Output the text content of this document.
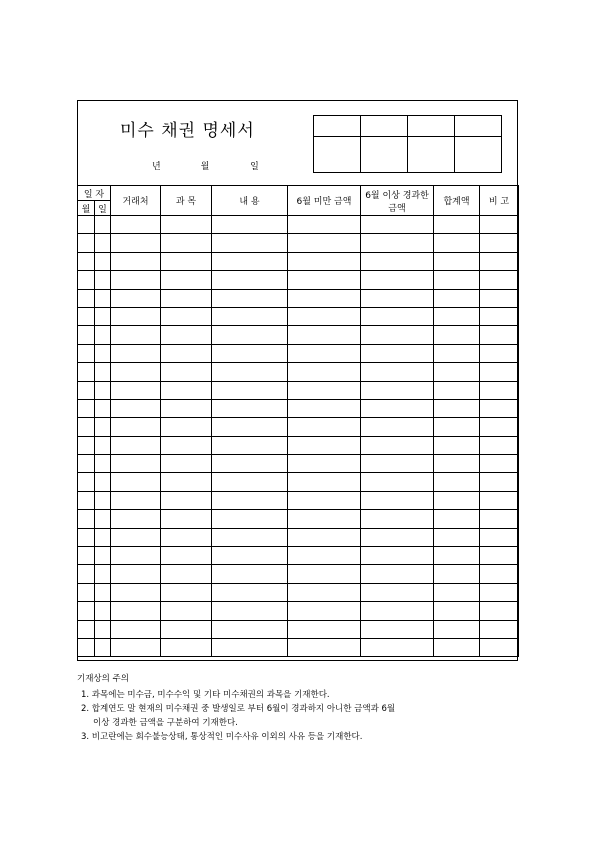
미수 채권 명세서
년	월	일

일 자		거래처	과 목	내 용	6월 미만 금액	6월 이상 경과한 금액	합계액	비 고
월	일							

기재상의 주의
1. 과목에는 미수금, 미수수익 및 기타 미수채권의 과목을 기재한다.
2. 합계연도 말 현재의 미수채권 중 발생일로 부터 6월이 경과하지 아니한 금액과 6월
이상 경과한 금액을 구분하여 기재한다.
3. 비고란에는 회수불능상태, 통상적인 미수사유 이외의 사유 등을 기재한다.
